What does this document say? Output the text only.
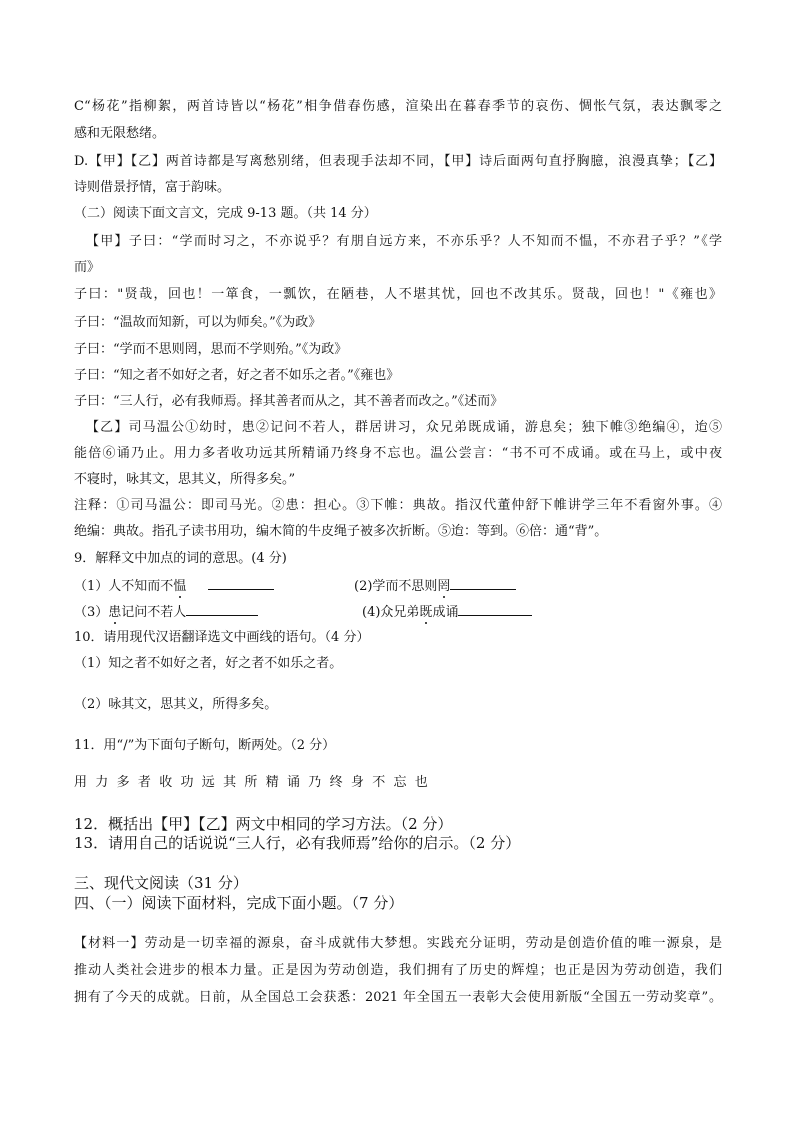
C“杨花”指柳絮，两首诗皆以“杨花”相争借春伤感，渲染出在暮春季节的哀伤、惆怅气氛，表达飘零之
感和无限愁绪。
D.【甲】【乙】两首诗都是写离愁别绪，但表现手法却不同，【甲】诗后面两句直抒胸臆，浪漫真挚；【乙】
诗则借景抒情，富于韵味。
（二）阅读下面文言文，完成 9-13 题。（共 14 分）
【甲】子曰：“学而时习之，不亦说乎？有朋自远方来，不亦乐乎？人不知而不愠，不亦君子乎？”《学
而》
子曰："贤哉，回也！一箪食，一瓢饮，在陋巷，人不堪其忧，回也不改其乐。贤哉，回也！"《雍也》
子曰：“温故而知新，可以为师矣。”《为政》
子曰：“学而不思则罔，思而不学则殆。”《为政》
子曰：“知之者不如好之者，好之者不如乐之者。”《雍也》
子曰：“三人行，必有我师焉。择其善者而从之，其不善者而改之。”《述而》
【乙】司马温公①幼时，患②记问不若人，群居讲习，众兄弟既成诵，游息矣；独下帷③绝编④，迨⑤
能倍⑥诵乃止。用力多者收功远其所精诵乃终身不忘也。温公尝言：“书不可不成诵。或在马上，或中夜
不寝时，咏其文，思其义，所得多矣。”
注释：①司马温公：即司马光。②患：担心。③下帷：典故。指汉代董仲舒下帷讲学三年不看窗外事。④
绝编：典故。指孔子读书用功，编木简的牛皮绳子被多次折断。⑤迨：等到。⑥倍：通“背”。
9．解释文中加点的词的意思。(4 分)
（1）人不知而不愠	(2)学而不思则罔
（3）患记问不若人	(4)众兄弟既成诵
10．请用现代汉语翻译选文中画线的语句。（4 分）
（1）知之者不如好之者，好之者不如乐之者。
（2）咏其文，思其义，所得多矣。
11．用“/”为下面句子断句，断两处。（2 分）
用力多者收功远其所精诵乃终身不忘也
12．概括出【甲】【乙】两文中相同的学习方法。（2 分）
13．请用自己的话说说“三人行，必有我师焉”给你的启示。（2 分）
三、现代文阅读（31 分）
四、（一）阅读下面材料，完成下面小题。（7 分）
【材料一】劳动是一切幸福的源泉，奋斗成就伟大梦想。实践充分证明，劳动是创造价值的唯一源泉，是
推动人类社会进步的根本力量。正是因为劳动创造，我们拥有了历史的辉煌；也正是因为劳动创造，我们
拥有了今天的成就。日前，从全国总工会获悉：2021 年全国五一表彰大会使用新版“全国五一劳动奖章”。
